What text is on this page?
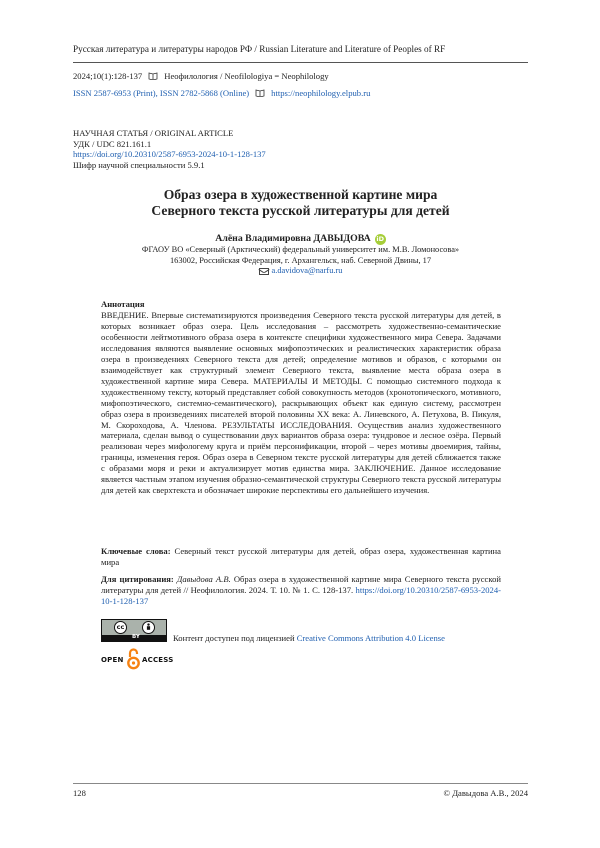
Русская литература и литературы народов РФ / Russian Literature and Literature of Peoples of RF
2024;10(1):128-137	Неофилология / Neofilologiya = Neophilology
ISSN 2587-6953 (Print), ISSN 2782-5868 (Online)	https://neophilology.elpub.ru
НАУЧНАЯ СТАТЬЯ / ORIGINAL ARTICLE
УДК / UDC 821.161.1
https://doi.org/10.20310/2587-6953-2024-10-1-128-137
Шифр научной специальности 5.9.1
Образ озера в художественной картине мира
Северного текста русской литературы для детей
Алёна Владимировна ДАВЫДОВА iD
ФГАОУ ВО «Северный (Арктический) федеральный университет им. М.В. Ломоносова»
163002, Российская Федерация, г. Архангельск, наб. Северной Двины, 17
a.davidova@narfu.ru
Аннотация
ВВЕДЕНИЕ. Впервые систематизируются произведения Северного текста русской литературы для детей, в которых возникает образ озера. Цель исследования – рассмотреть художественно-семантические особенности лейтмотивного образа озера в контексте специфики художественного мира Севера. Задачами исследования являются выявление основных мифопоэтических и реалистических характеристик образа озера в произведениях Северного текста для детей; определение мотивов и образов, с которыми он взаимодействует как структурный элемент Северного текста, выявление места образа озера в художественной картине мира Севера. МАТЕРИАЛЫ И МЕТОДЫ. С помощью системного подхода к художественному тексту, который представляет собой совокупность методов (хронотопического, мотивного, мифопоэтического, системно-семантического), раскрывающих объект как единую систему, рассмотрен образ озера в произведениях писателей второй половины XX века: А. Линевского, А. Петухова, В. Пикуля, М. Скороходова, А. Членова. РЕЗУЛЬТАТЫ ИССЛЕДОВАНИЯ. Осуществив анализ художественного материала, сделан вывод о существовании двух вариантов образа озера: тундровое и лесное озёра. Первый реализован через мифологему круга и приём персонификации, второй – через мотивы двоемирия, тайны, границы, изменения героя. Образ озера в Северном тексте русской литературы для детей сближается также с образами моря и реки и актуализирует мотив единства мира. ЗАКЛЮЧЕНИЕ. Данное исследование является частным этапом изучения образно-семантической структуры Северного текста русской литературы для детей как сверхтекста и обозначает широкие перспективы его дальнейшего изучения.
Ключевые слова: Северный текст русской литературы для детей, образ озера, художественная картина мира
Для цитирования: Давыдова А.В. Образ озера в художественной картине мира Северного текста русской литературы для детей // Неофилология. 2024. Т. 10. № 1. С. 128-137. https://doi.org/10.20310/2587-6953-2024-10-1-128-137
cc
BY	Контент доступен под лицензией Creative Commons Attribution 4.0 License
OPEN	ACCESS
128	© Давыдова А.В., 2024
